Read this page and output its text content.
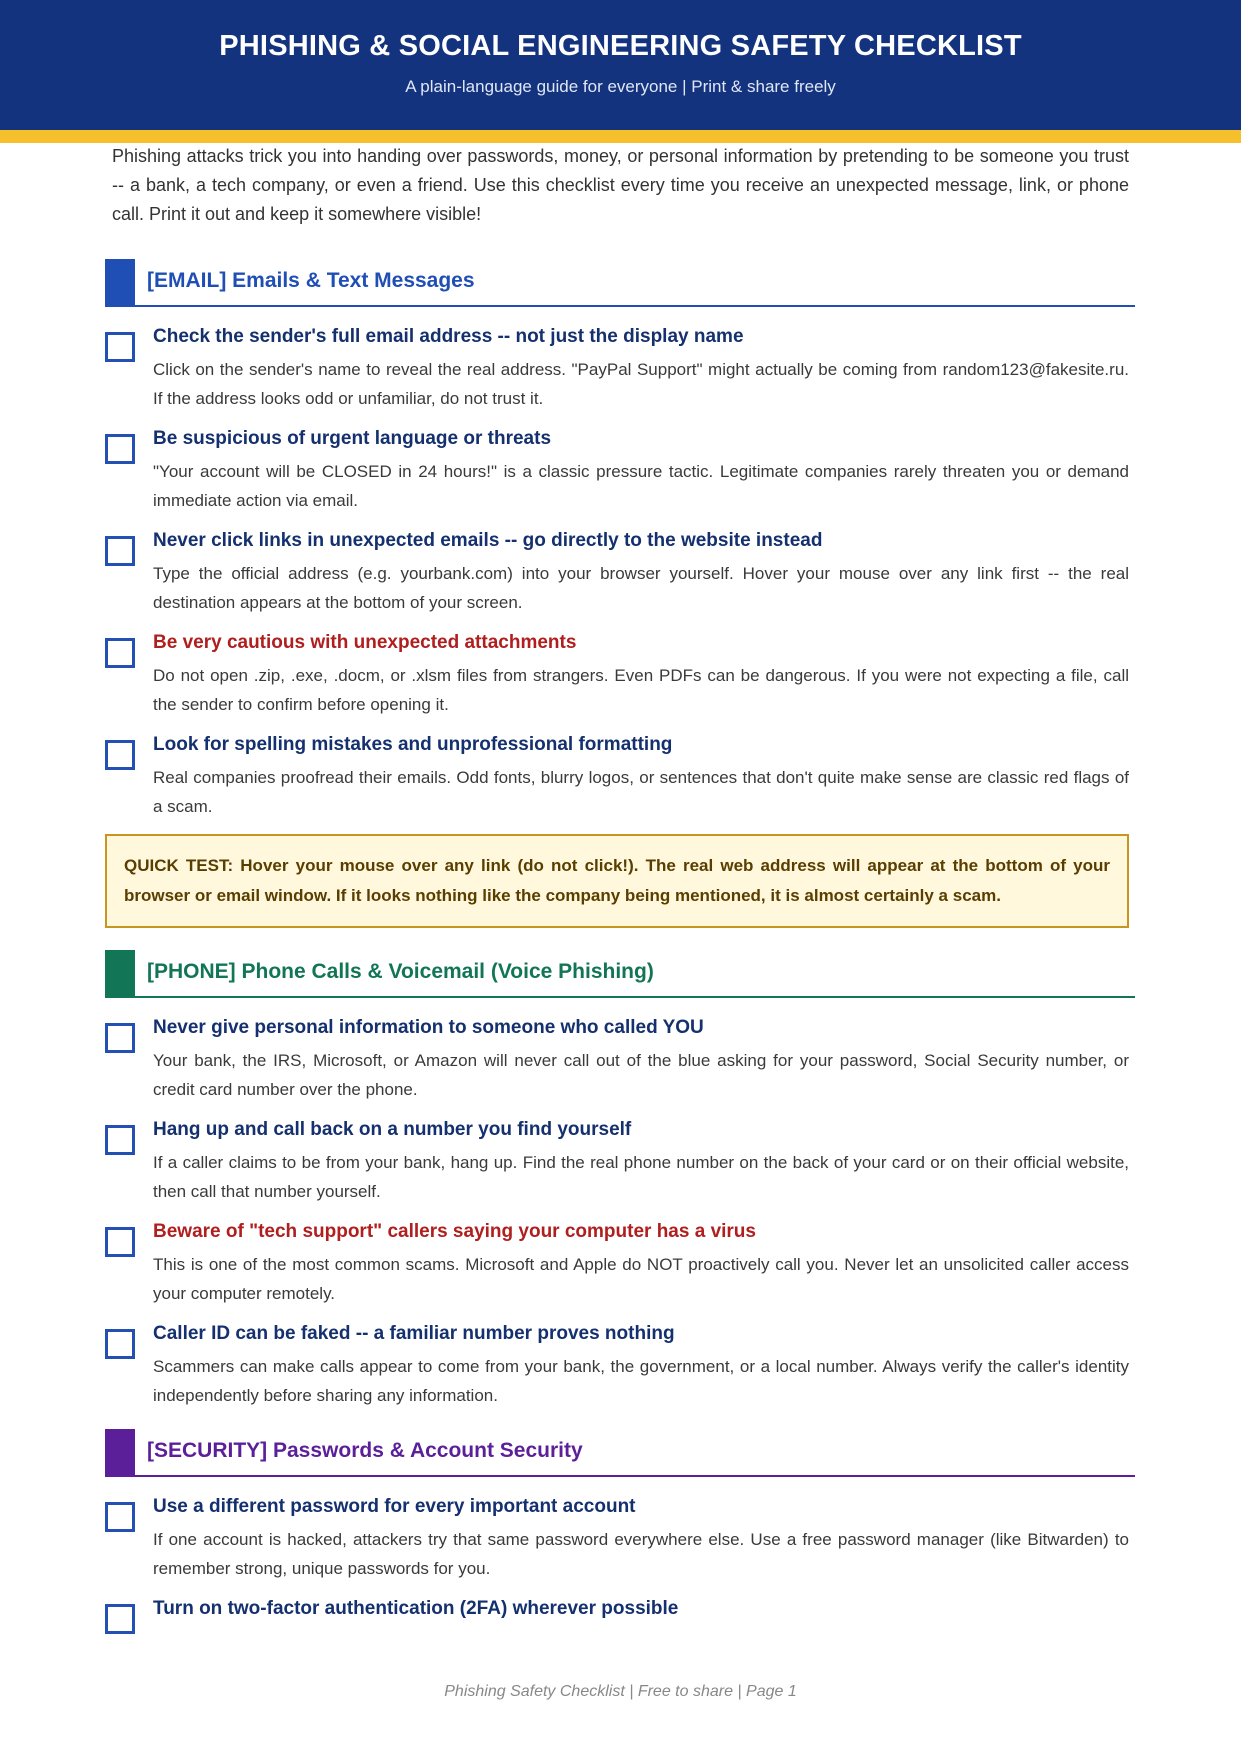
PHISHING & SOCIAL ENGINEERING SAFETY CHECKLIST
A plain-language guide for everyone | Print & share freely

Phishing attacks trick you into handing over passwords, money, or personal information by pretending to be someone you trust -- a bank, a tech company, or even a friend. Use this checklist every time you receive an unexpected message, link, or phone call. Print it out and keep it somewhere visible!

[EMAIL] Emails & Text Messages
Check the sender's full email address -- not just the display name
Click on the sender's name to reveal the real address. "PayPal Support" might actually be coming from random123@fakesite.ru. If the address looks odd or unfamiliar, do not trust it.
Be suspicious of urgent language or threats
"Your account will be CLOSED in 24 hours!" is a classic pressure tactic. Legitimate companies rarely threaten you or demand immediate action via email.
Never click links in unexpected emails -- go directly to the website instead
Type the official address (e.g. yourbank.com) into your browser yourself. Hover your mouse over any link first -- the real destination appears at the bottom of your screen.
Be very cautious with unexpected attachments
Do not open .zip, .exe, .docm, or .xlsm files from strangers. Even PDFs can be dangerous. If you were not expecting a file, call the sender to confirm before opening it.
Look for spelling mistakes and unprofessional formatting
Real companies proofread their emails. Odd fonts, blurry logos, or sentences that don't quite make sense are classic red flags of a scam.
QUICK TEST: Hover your mouse over any link (do not click!). The real web address will appear at the bottom of your browser or email window. If it looks nothing like the company being mentioned, it is almost certainly a scam.
[PHONE] Phone Calls & Voicemail (Voice Phishing)
Never give personal information to someone who called YOU
Your bank, the IRS, Microsoft, or Amazon will never call out of the blue asking for your password, Social Security number, or credit card number over the phone.
Hang up and call back on a number you find yourself
If a caller claims to be from your bank, hang up. Find the real phone number on the back of your card or on their official website, then call that number yourself.
Beware of "tech support" callers saying your computer has a virus
This is one of the most common scams. Microsoft and Apple do NOT proactively call you. Never let an unsolicited caller access your computer remotely.
Caller ID can be faked -- a familiar number proves nothing
Scammers can make calls appear to come from your bank, the government, or a local number. Always verify the caller's identity independently before sharing any information.
[SECURITY] Passwords & Account Security
Use a different password for every important account
If one account is hacked, attackers try that same password everywhere else. Use a free password manager (like Bitwarden) to remember strong, unique passwords for you.
Turn on two-factor authentication (2FA) wherever possible
Phishing Safety Checklist | Free to share | Page 1
